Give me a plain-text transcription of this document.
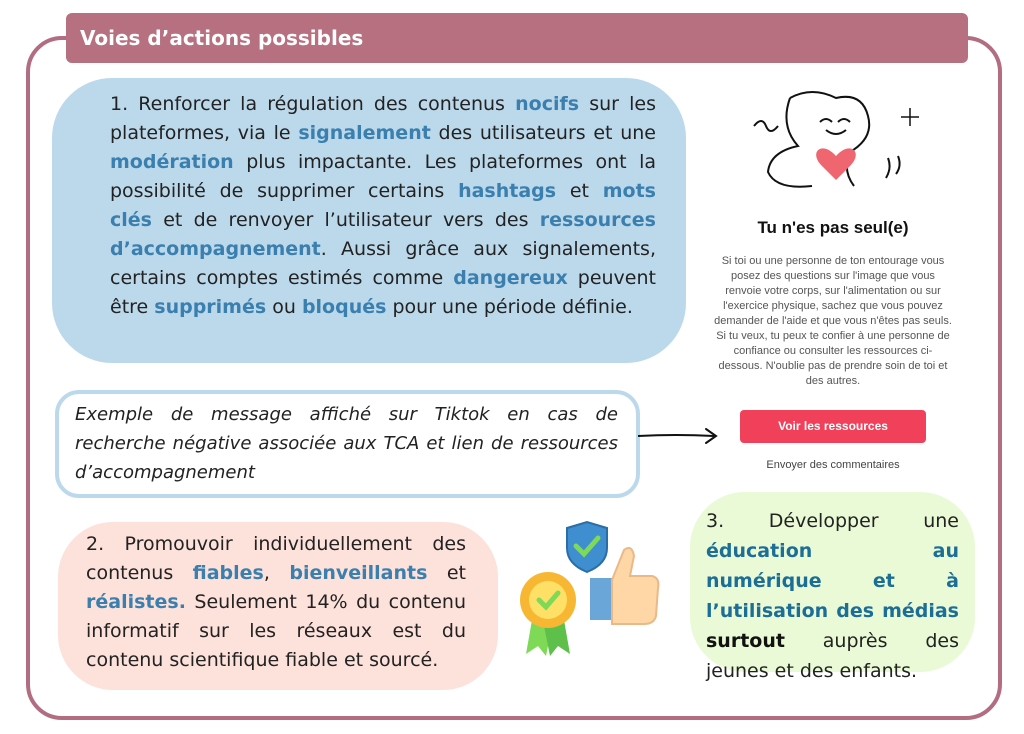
Voies d’actions possibles
1. Renforcer la régulation des contenus nocifs sur les plateformes, via le signalement des utilisateurs et une modération plus impactante. Les plateformes ont la possibilité de supprimer certains hashtags et mots clés et de renvoyer l’utilisateur vers des ressources d’accompagnement. Aussi grâce aux signalements, certains comptes estimés comme dangereux peuvent être supprimés ou bloqués pour une période définie.
Exemple de message affiché sur Tiktok en cas de recherche négative associée aux TCA et lien de ressources d’accompagnement
2. Promouvoir individuellement des contenus fiables, bienveillants et réalistes. Seulement 14% du contenu informatif sur les réseaux est du contenu scientifique fiable et sourcé.
3. Développer une éducation au numérique et à l’utilisation des médias surtout auprès des jeunes et des enfants.
Tu n'es pas seul(e)
Si toi ou une personne de ton entourage vous posez des questions sur l'image que vous renvoie votre corps, sur l'alimentation ou sur l'exercice physique, sachez que vous pouvez demander de l'aide et que vous n'êtes pas seuls. Si tu veux, tu peux te confier à une personne de confiance ou consulter les ressources ci-dessous. N'oublie pas de prendre soin de toi et des autres.
Voir les ressources
Envoyer des commentaires
